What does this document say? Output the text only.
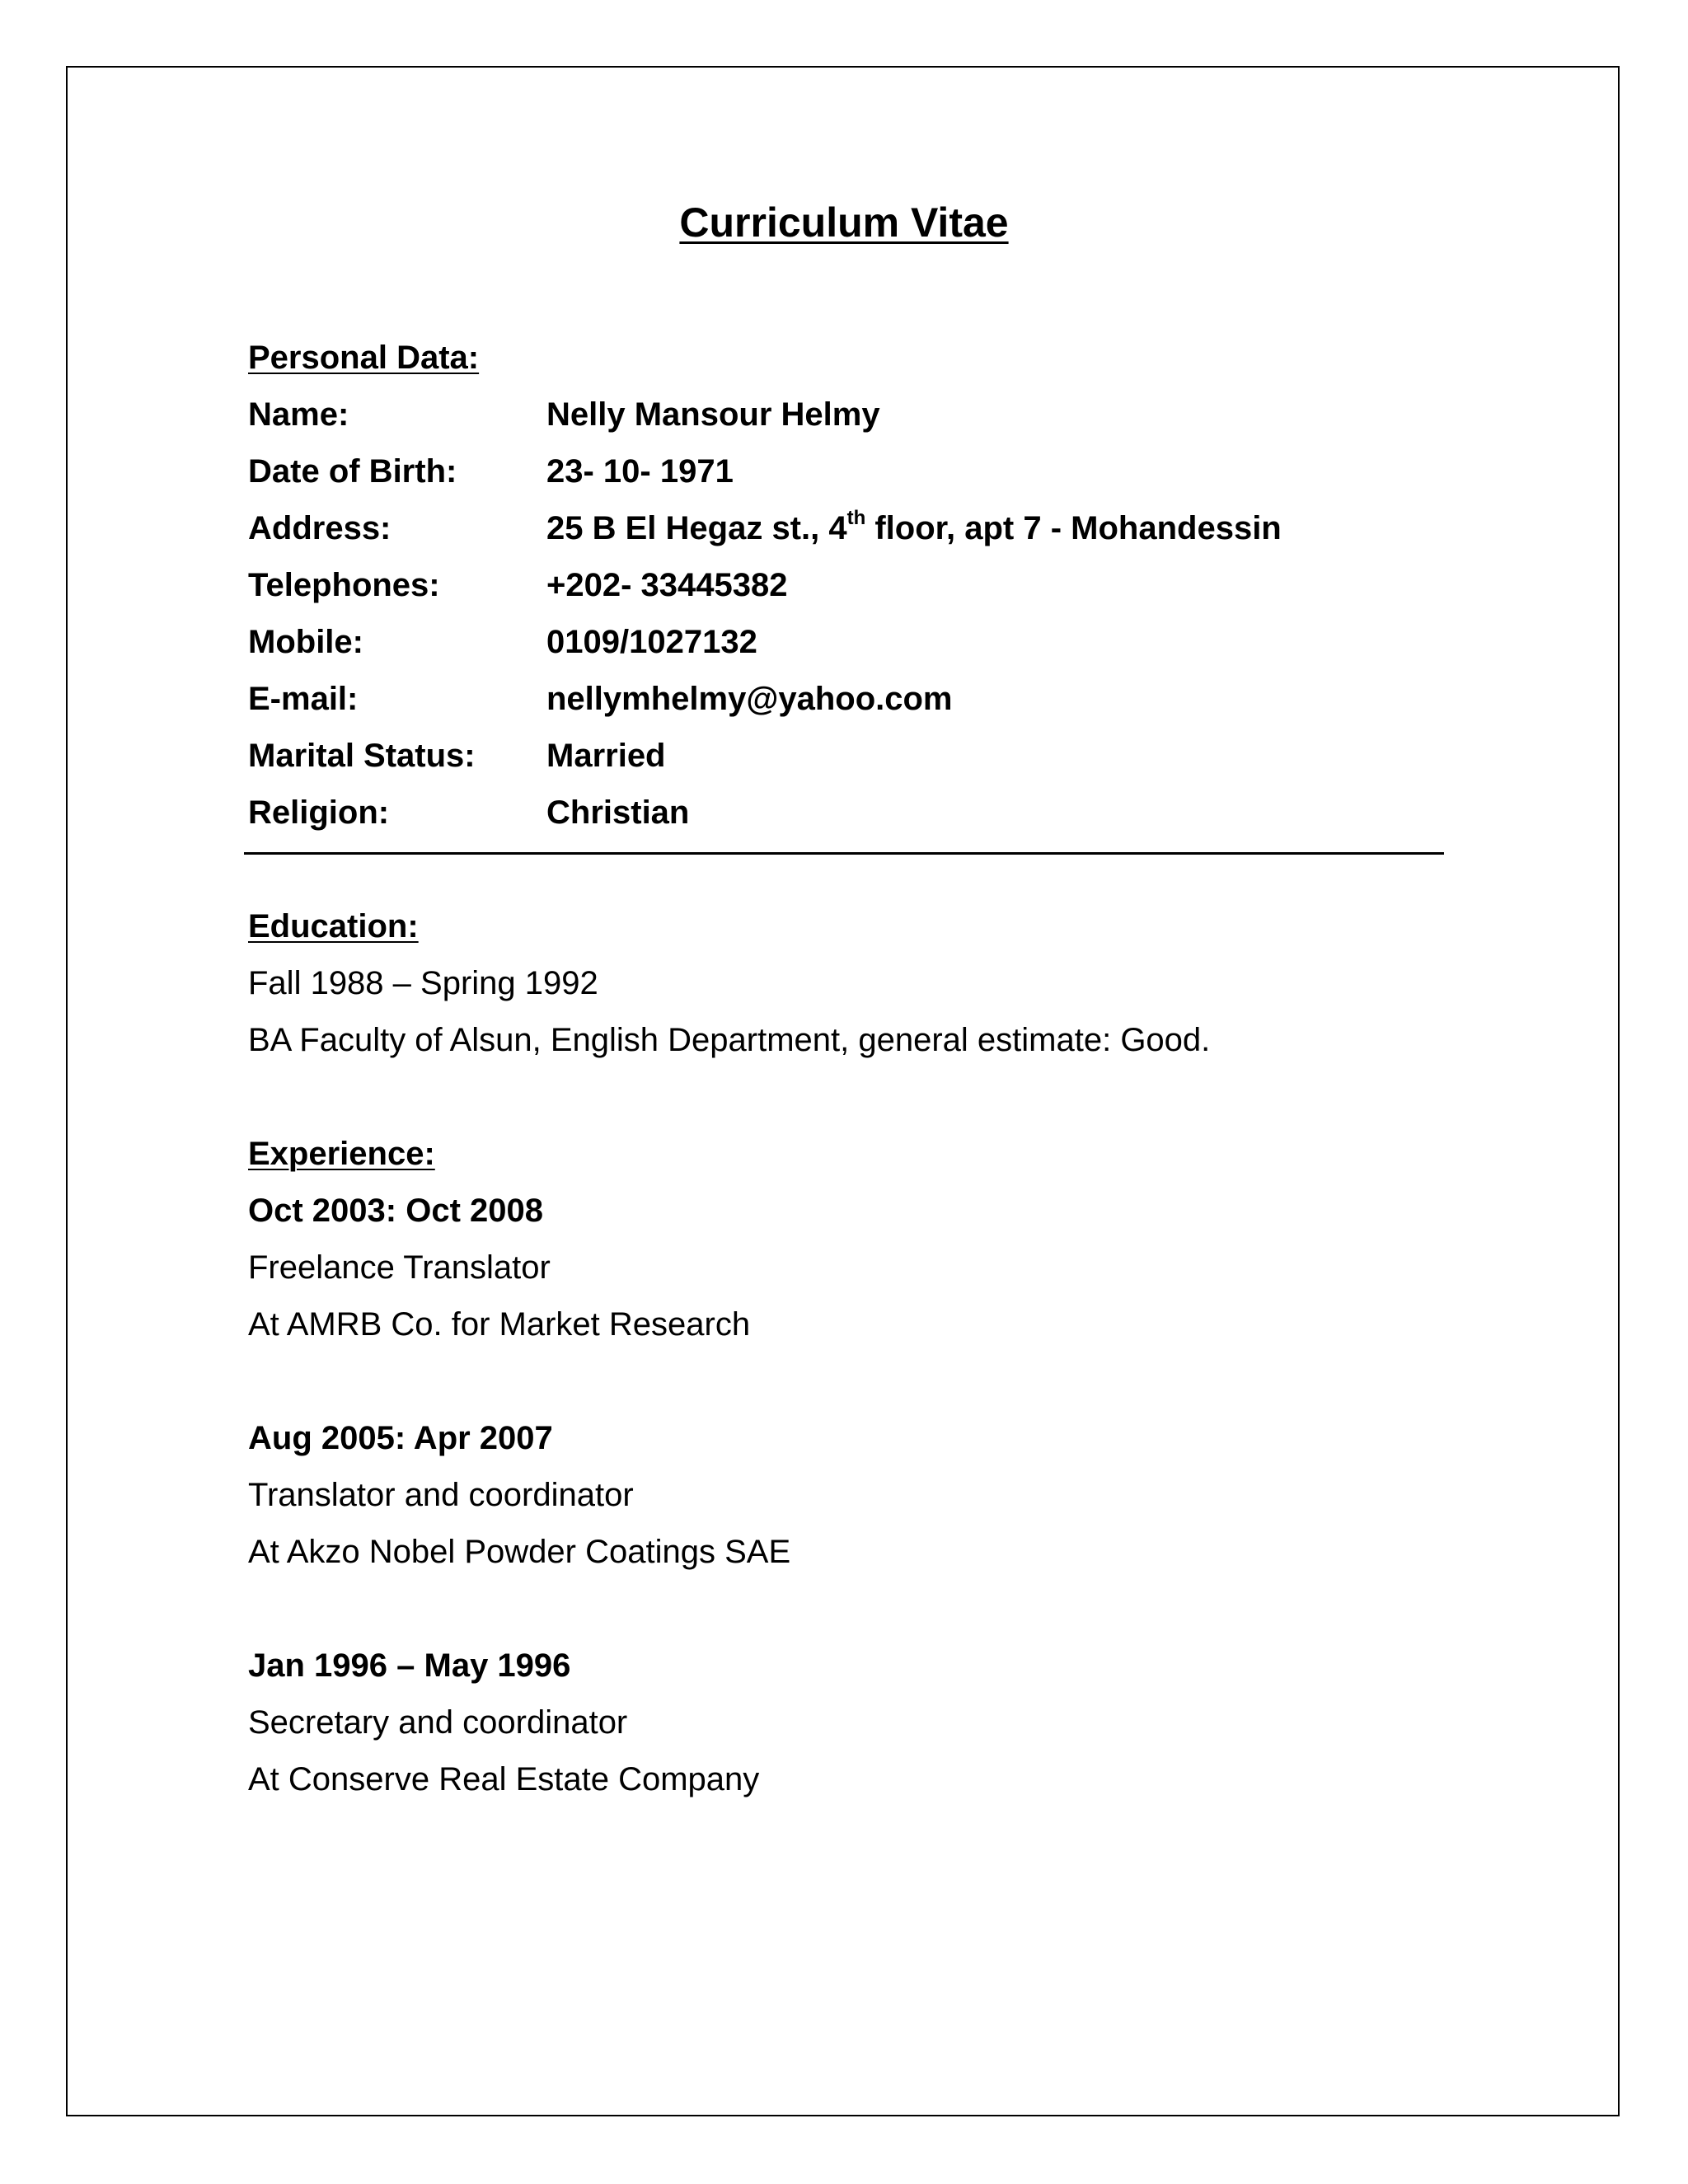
Curriculum Vitae
Personal Data:
Name:	Nelly Mansour Helmy
Date of Birth:	23- 10- 1971
Address:	25 B El Hegaz st., 4th floor, apt 7 - Mohandessin
Telephones:	+202- 33445382
Mobile:	0109/1027132
E-mail:	nellymhelmy@yahoo.com
Marital Status:	Married
Religion:	Christian
Education:
Fall 1988 – Spring 1992
BA Faculty of Alsun, English Department, general estimate: Good.
Experience:
Oct 2003: Oct 2008
Freelance Translator
At AMRB Co. for Market Research
Aug 2005: Apr 2007
Translator and coordinator
At Akzo Nobel Powder Coatings SAE
Jan 1996 – May 1996
Secretary and coordinator
At Conserve Real Estate Company
